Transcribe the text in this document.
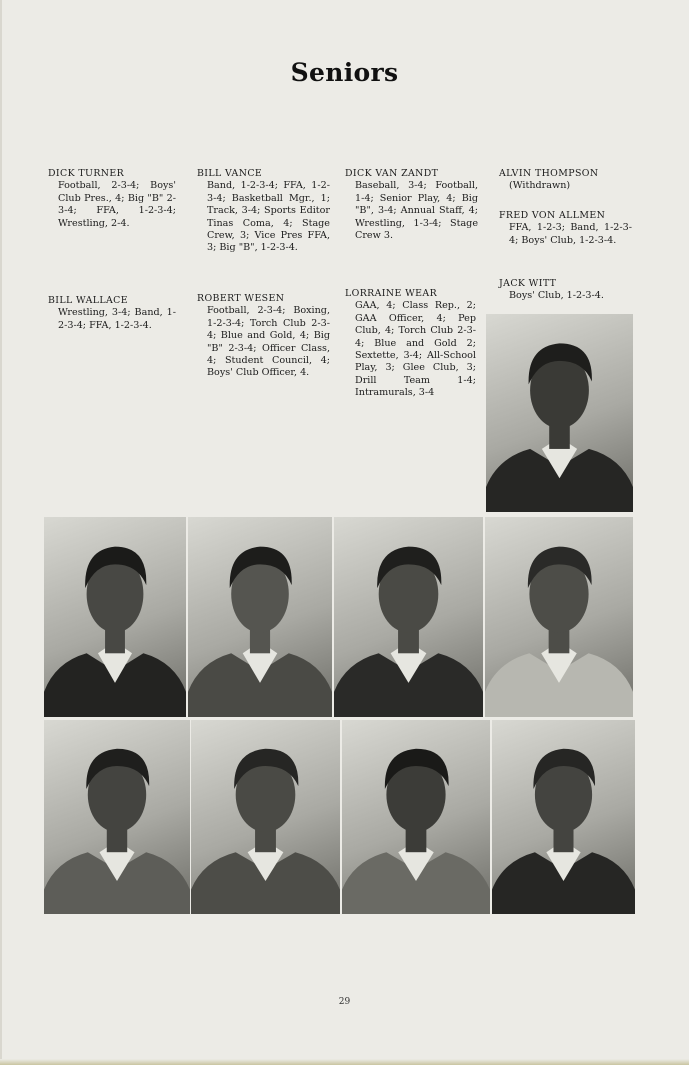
Seniors
DICK TURNER
Football, 2-3-4; Boys' Club Pres., 4; Big "B" 2-3-4; FFA, 1-2-3-4; Wrestling, 2-4.
BILL VANCE
Band, 1-2-3-4; FFA, 1-2-3-4; Basketball Mgr., 1; Track, 3-4; Sports Editor Tinas Coma, 4; Stage Crew, 3; Vice Pres FFA, 3; Big "B", 1-2-3-4.
DICK VAN ZANDT
Baseball, 3-4; Football, 1-4; Senior Play, 4; Big "B", 3-4; Annual Staff, 4; Wrestling, 1-3-4; Stage Crew 3.
ALVIN THOMPSON
(Withdrawn)
FRED VON ALLMEN
FFA, 1-2-3; Band, 1-2-3-4; Boys' Club, 1-2-3-4.
JACK WITT
Boys' Club, 1-2-3-4.
BILL WALLACE
Wrestling, 3-4; Band, 1-2-3-4; FFA, 1-2-3-4.
ROBERT WESEN
Football, 2-3-4; Boxing, 1-2-3-4; Torch Club 2-3-4; Blue and Gold, 4; Big "B" 2-3-4; Officer Class, 4; Student Council, 4; Boys' Club Officer, 4.
LORRAINE WEAR
GAA, 4; Class Rep., 2; GAA Officer, 4; Pep Club, 4; Torch Club 2-3-4; Blue and Gold 2; Sextette, 3-4; All-School Play, 3; Glee Club, 3; Drill Team 1-4; Intramurals, 3-4
29
